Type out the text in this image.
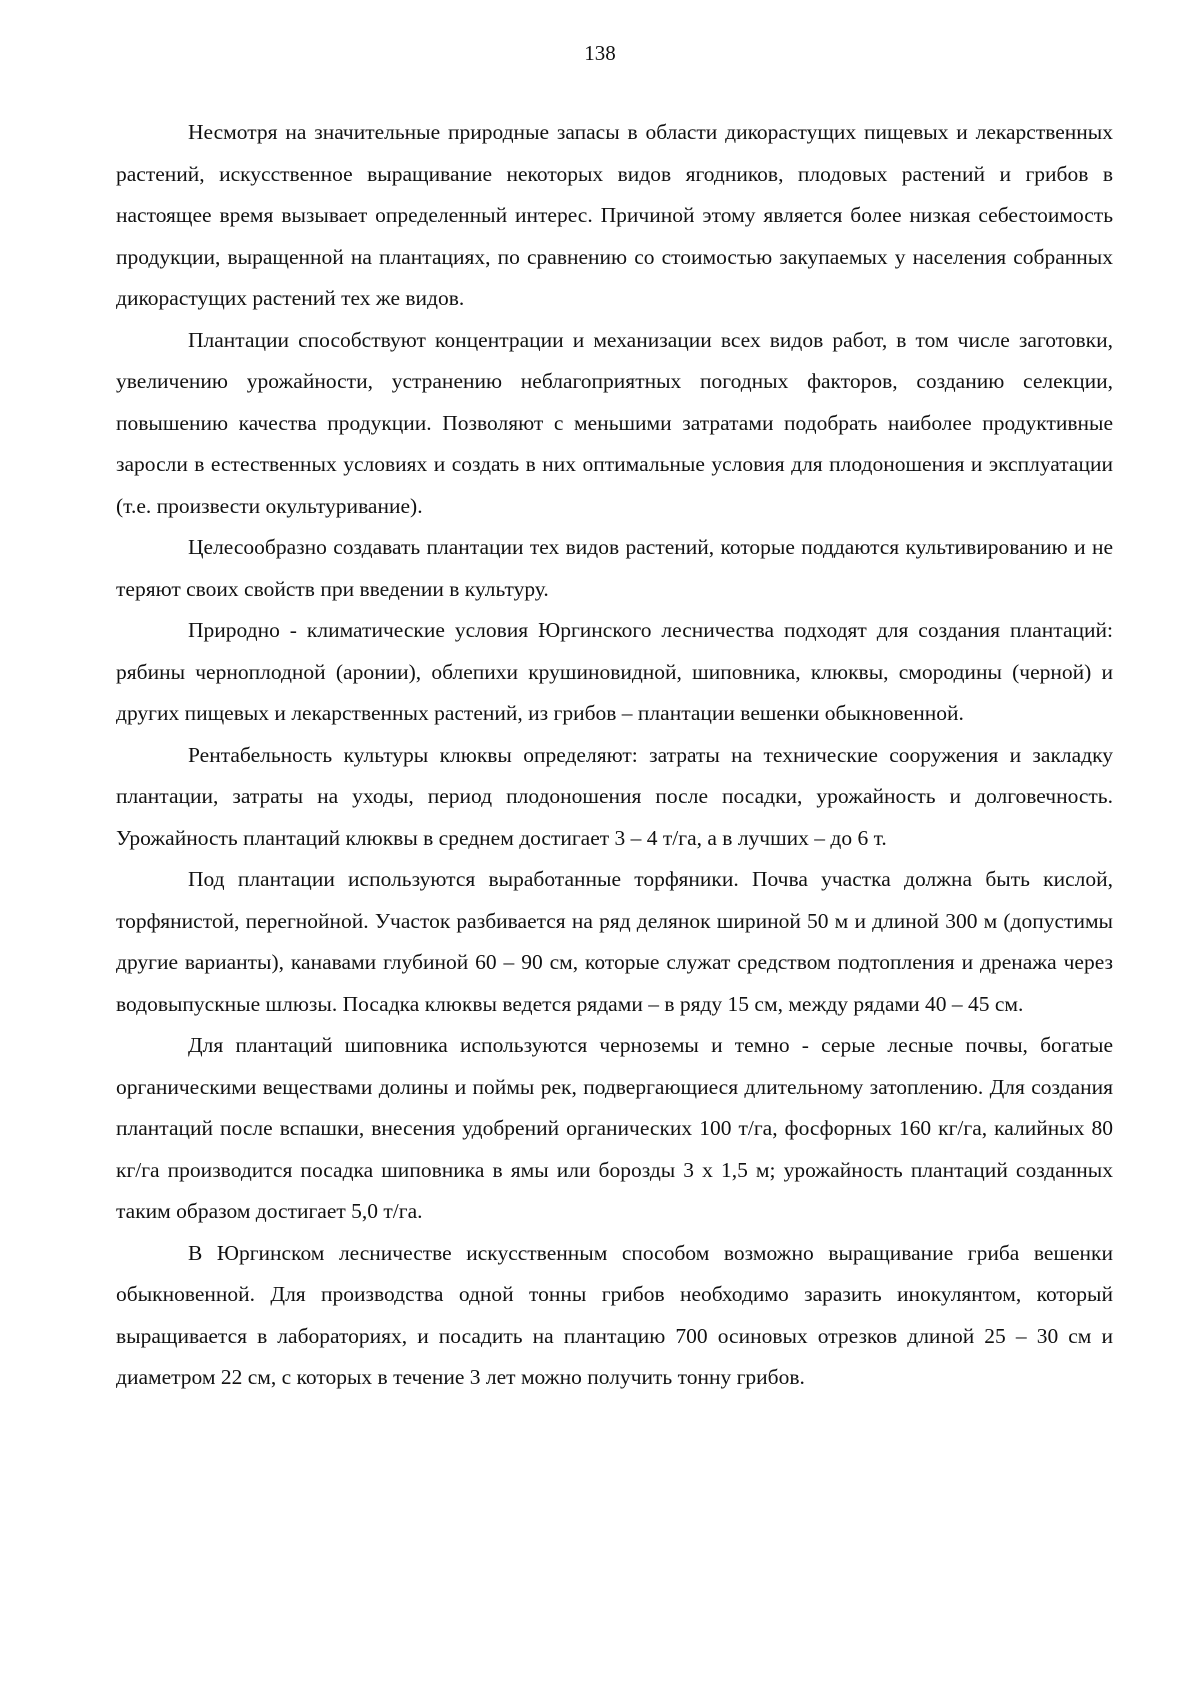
138

Несмотря на значительные природные запасы в области дикорастущих пищевых и лекарственных растений, искусственное выращивание некоторых видов ягодников, плодовых растений и грибов в настоящее время вызывает определенный интерес. Причиной этому является более низкая себестоимость продукции, выращенной на плантациях, по сравнению со стоимостью закупаемых у населения собранных дикорастущих растений тех же видов.

Плантации способствуют концентрации и механизации всех видов работ, в том числе заготовки, увеличению урожайности, устранению неблагоприятных погодных факторов, созданию селекции, повышению качества продукции. Позволяют с меньшими затратами подобрать наиболее продуктивные заросли в естественных условиях и создать в них оптимальные условия для плодоношения и эксплуатации (т.е. произвести окультуривание).

Целесообразно создавать плантации тех видов растений, которые поддаются культивированию и не теряют своих свойств при введении в культуру.

Природно - климатические условия Юргинского лесничества подходят для создания плантаций: рябины черноплодной (аронии), облепихи крушиновидной, шиповника, клюквы, смородины (черной) и других пищевых и лекарственных растений, из грибов – плантации вешенки обыкновенной.

Рентабельность культуры клюквы определяют: затраты на технические сооружения и закладку плантации, затраты на уходы, период плодоношения после посадки, урожайность и долговечность. Урожайность плантаций клюквы в среднем достигает 3 – 4 т/га, а в лучших – до 6 т.

Под плантации используются выработанные торфяники. Почва участка должна быть кислой, торфянистой, перегнойной. Участок разбивается на ряд делянок шириной 50 м и длиной 300 м (допустимы другие варианты), канавами глубиной 60 – 90 см, которые служат средством подтопления и дренажа через водовыпускные шлюзы. Посадка клюквы ведется рядами – в ряду 15 см, между рядами 40 – 45 см.

Для плантаций шиповника используются черноземы и темно - серые лесные почвы, богатые органическими веществами долины и поймы рек, подвергающиеся длительному затоплению. Для создания плантаций после вспашки, внесения удобрений органических 100 т/га, фосфорных 160 кг/га, калийных 80 кг/га производится посадка шиповника в ямы или борозды 3 х 1,5 м; урожайность плантаций созданных таким образом достигает 5,0 т/га.

В Юргинском лесничестве искусственным способом возможно выращивание гриба вешенки обыкновенной. Для производства одной тонны грибов необходимо заразить инокулянтом, который выращивается в лабораториях, и посадить на плантацию 700 осиновых отрезков длиной 25 – 30 см и диаметром 22 см, с которых в течение 3 лет можно получить тонну грибов.
